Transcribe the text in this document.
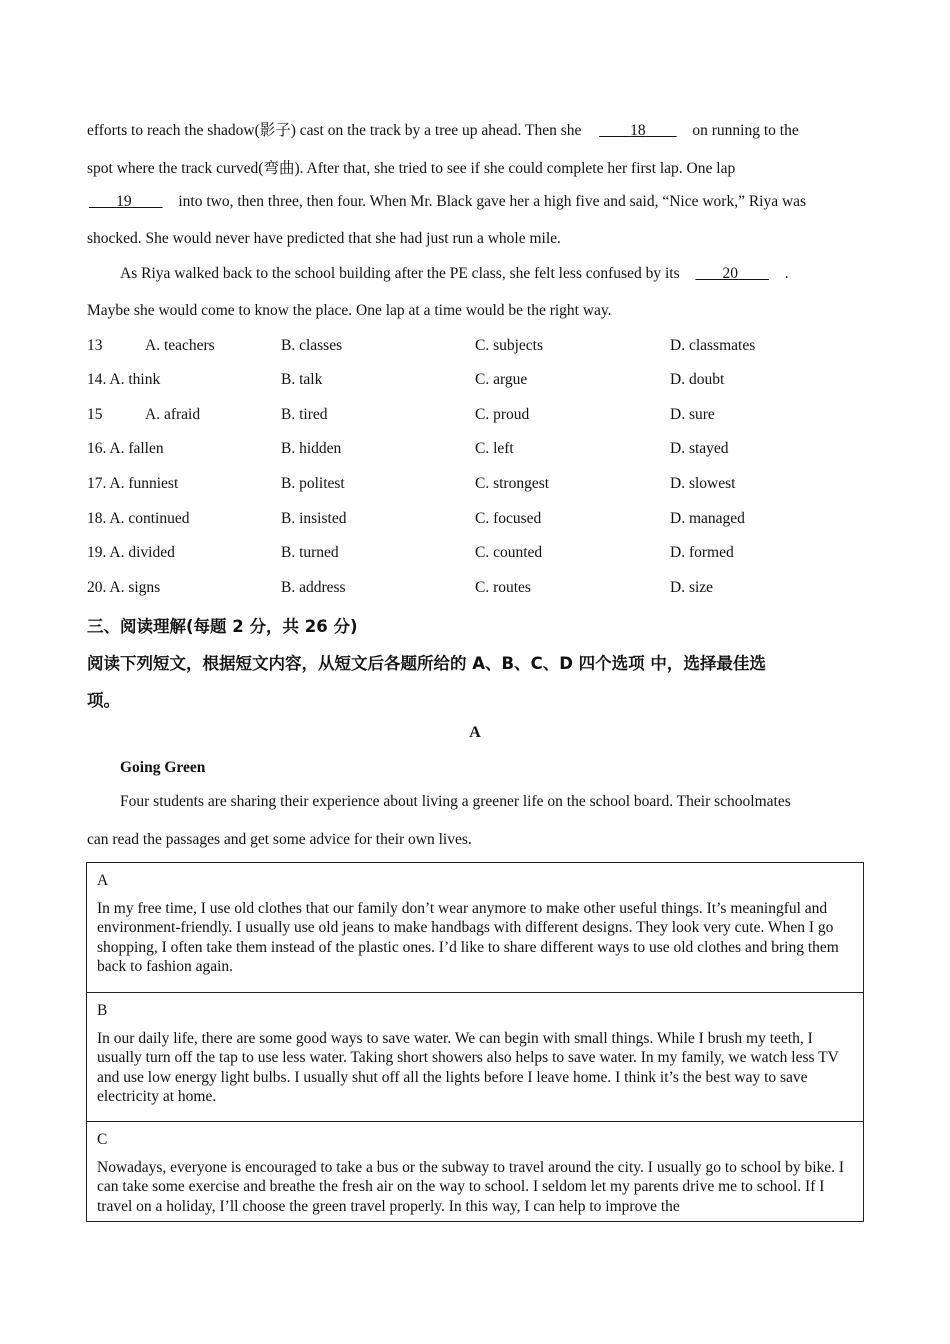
efforts to reach the shadow(影子) cast on the track by a tree up ahead. Then she	18	on running to the
spot where the track curved(弯曲). After that, she tried to see if she could complete her first lap. One lap
19	into two, then three, then four. When Mr. Black gave her a high five and said, “Nice work,” Riya was
shocked. She would never have predicted that she had just run a whole mile.
As Riya walked back to the school building after the PE class, she felt less confused by its	20	.
Maybe she would come to know the place. One lap at a time would be the right way.
13	A. teachers	B. classes	C. subjects	D. classmates
14. A. think	B. talk	C. argue	D. doubt
15	A. afraid	B. tired	C. proud	D. sure
16. A. fallen	B. hidden	C. left	D. stayed
17. A. funniest	B. politest	C. strongest	D. slowest
18. A. continued	B. insisted	C. focused	D. managed
19. A. divided	B. turned	C. counted	D. formed
20. A. signs	B. address	C. routes	D. size
三、阅读理解(每题 2 分，共 26 分)
阅读下列短文，根据短文内容，从短文后各题所给的 A、B、C、D 四个选项 中，选择最佳选
项。
A
Going Green
Four students are sharing their experience about living a greener life on the school board. Their schoolmates
can read the passages and get some advice for their own lives.
A
In my free time, I use old clothes that our family don’t wear anymore to make other useful things. It’s meaningful and environment-friendly. I usually use old jeans to make handbags with different designs. They look very cute. When I go shopping, I often take them instead of the plastic ones. I’d like to share different ways to use old clothes and bring them back to fashion again.
B
In our daily life, there are some good ways to save water. We can begin with small things. While I brush my teeth, I usually turn off the tap to use less water. Taking short showers also helps to save water. In my family, we watch less TV and use low energy light bulbs. I usually shut off all the lights before I leave home. I think it’s the best way to save electricity at home.
C
Nowadays, everyone is encouraged to take a bus or the subway to travel around the city. I usually go to school by bike. I can take some exercise and breathe the fresh air on the way to school. I seldom let my parents drive me to school. If I travel on a holiday, I’ll choose the green travel properly. In this way, I can help to improve the
